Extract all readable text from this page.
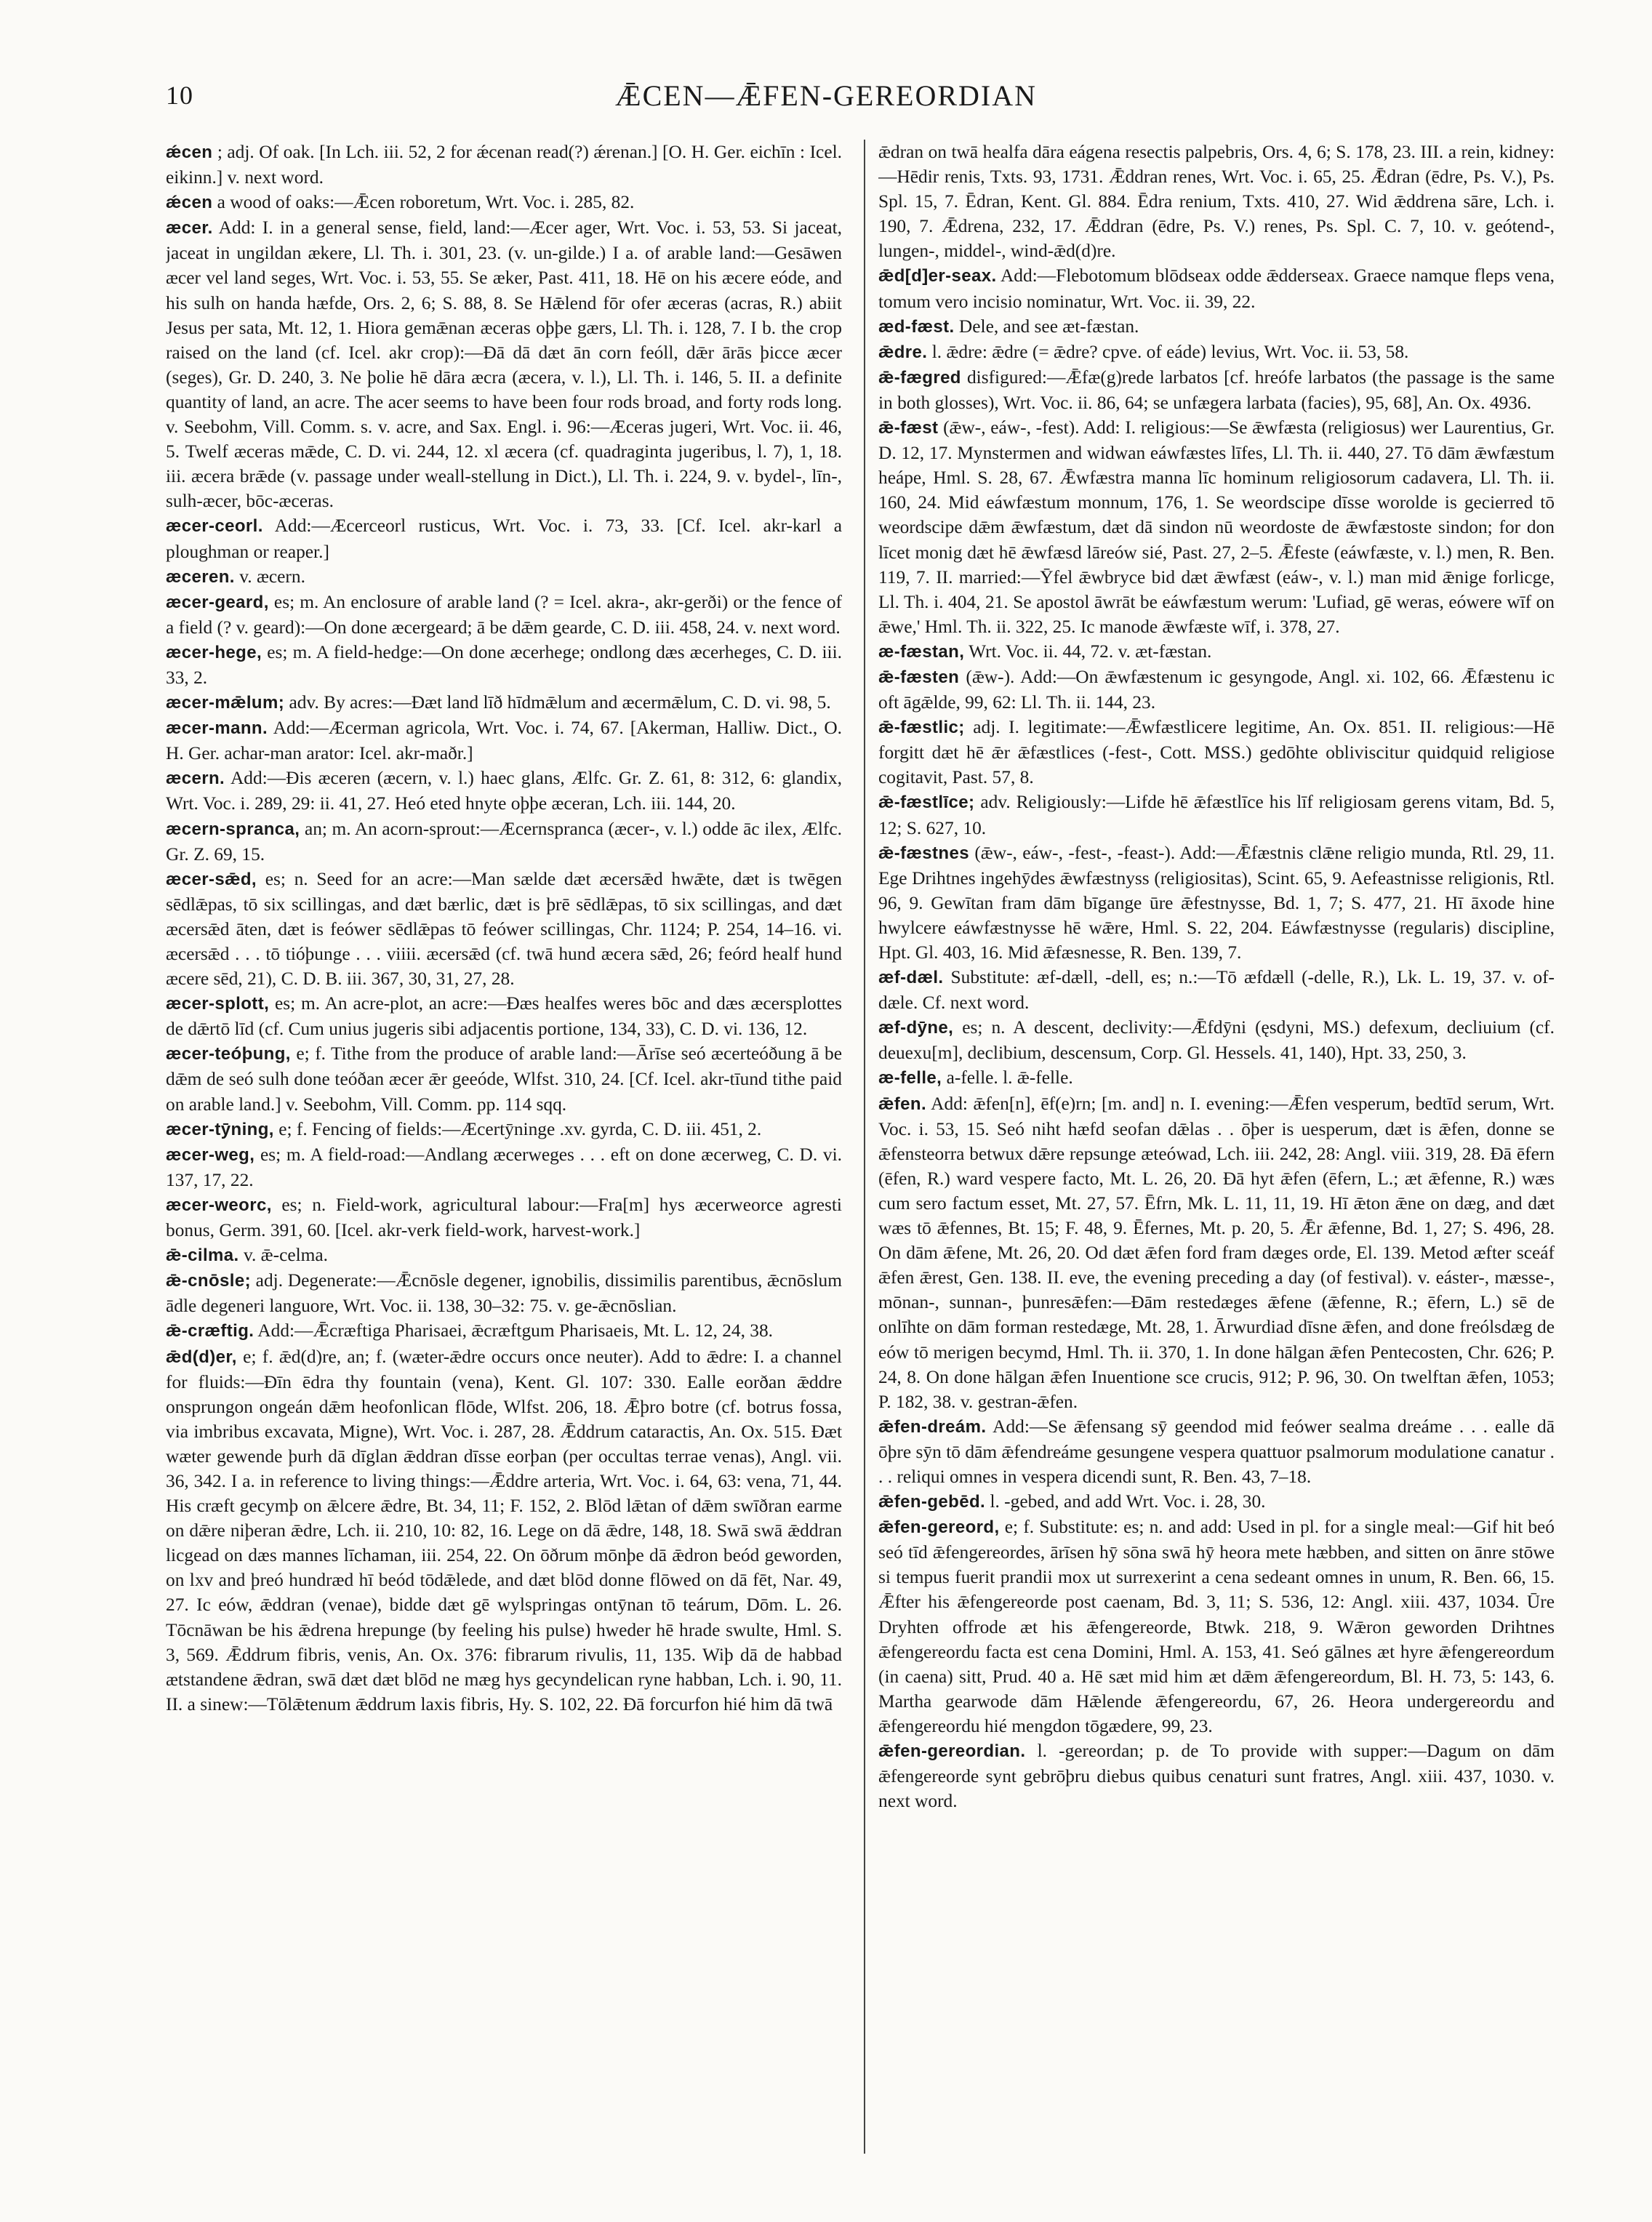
10	ǢCEN—ǢFEN-GEREORDIAN

ǽcen ; adj. Of oak. [In Lch. iii. 52, 2 for ǽcenan read(?) ǽrenan.] [O. H. Ger. eichīn : Icel. eikinn.] v. next word.

ǽcen a wood of oaks:—Ǣcen roboretum, Wrt. Voc. i. 285, 82.

æcer. Add: I. in a general sense, field, land:—Æcer ager, Wrt. Voc. i. 53, 53. Si jaceat, jaceat in ungildan ækere, Ll. Th. i. 301, 23. (v. un-gilde.) I a. of arable land:—Gesāwen æcer vel land seges, Wrt. Voc. i. 53, 55. Se æker, Past. 411, 18. Hē on his æcere eóde, and his sulh on handa hæfde, Ors. 2, 6; S. 88, 8. Se Hǣlend fōr ofer æceras (acras, R.) abiit Jesus per sata, Mt. 12, 1. Hiora gemǣnan æceras oþþe gærs, Ll. Th. i. 128, 7. I b. the crop raised on the land (cf. Icel. akr crop):—Ðā dā dæt ān corn feóll, dǣr ārās þicce æcer (seges), Gr. D. 240, 3. Ne þolie hē dāra æcra (æcera, v. l.), Ll. Th. i. 146, 5. II. a definite quantity of land, an acre. The acer seems to have been four rods broad, and forty rods long. v. Seebohm, Vill. Comm. s. v. acre, and Sax. Engl. i. 96:—Æceras jugeri, Wrt. Voc. ii. 46, 5. Twelf æceras mǣde, C. D. vi. 244, 12. xl æcera (cf. quadraginta jugeribus, l. 7), 1, 18. iii. æcera brǣde (v. passage under weall-stellung in Dict.), Ll. Th. i. 224, 9. v. bydel-, līn-, sulh-æcer, bōc-æceras.

æcer-ceorl. Add:—Æcerceorl rusticus, Wrt. Voc. i. 73, 33. [Cf. Icel. akr-karl a ploughman or reaper.]

æceren. v. æcern.

æcer-geard, es; m. An enclosure of arable land (? = Icel. akra-, akr-gerði) or the fence of a field (? v. geard):—On done æcergeard; ā be dǣm gearde, C. D. iii. 458, 24. v. next word.

æcer-hege, es; m. A field-hedge:—On done æcerhege; ondlong dæs æcerheges, C. D. iii. 33, 2.

æcer-mǣlum; adv. By acres:—Ðæt land līð hīdmǣlum and æcermǣlum, C. D. vi. 98, 5.

æcer-mann. Add:—Æcerman agricola, Wrt. Voc. i. 74, 67. [Akerman, Halliw. Dict., O. H. Ger. achar-man arator: Icel. akr-maðr.]

æcern. Add:—Ðis æceren (æcern, v. l.) haec glans, Ælfc. Gr. Z. 61, 8: 312, 6: glandix, Wrt. Voc. i. 289, 29: ii. 41, 27. Heó eted hnyte oþþe æceran, Lch. iii. 144, 20.

æcern-spranca, an; m. An acorn-sprout:—Æcernspranca (æcer-, v. l.) odde āc ilex, Ælfc. Gr. Z. 69, 15.

æcer-sǣd, es; n. Seed for an acre:—Man sælde dæt æcersǣd hwǣte, dæt is twēgen sēdlǣpas, tō six scillingas, and dæt bærlic, dæt is þrē sēdlǣpas, tō six scillingas, and dæt æcersǣd āten, dæt is feówer sēdlǣpas tō feówer scillingas, Chr. 1124; P. 254, 14–16. vi. æcersǣd . . . tō tióþunge . . . viiii. æcersǣd (cf. twā hund æcera sǣd, 26; feórd healf hund æcere sēd, 21), C. D. B. iii. 367, 30, 31, 27, 28.

æcer-splott, es; m. An acre-plot, an acre:—Ðæs healfes weres bōc and dæs æcersplottes de dǣrtō līd (cf. Cum unius jugeris sibi adjacentis portione, 134, 33), C. D. vi. 136, 12.

æcer-teóþung, e; f. Tithe from the produce of arable land:—Ārīse seó æcerteóðung ā be dǣm de seó sulh done teóðan æcer ǣr geeóde, Wlfst. 310, 24. [Cf. Icel. akr-tīund tithe paid on arable land.] v. Seebohm, Vill. Comm. pp. 114 sqq.

æcer-tȳning, e; f. Fencing of fields:—Æcertȳninge .xv. gyrda, C. D. iii. 451, 2.

æcer-weg, es; m. A field-road:—Andlang æcerweges . . . eft on done æcerweg, C. D. vi. 137, 17, 22.

æcer-weorc, es; n. Field-work, agricultural labour:—Fra[m] hys æcerweorce agresti bonus, Germ. 391, 60. [Icel. akr-verk field-work, harvest-work.]

ǣ-cilma. v. ǣ-celma.

ǣ-cnōsle; adj. Degenerate:—Ǣcnōsle degener, ignobilis, dissimilis parentibus, ǣcnōslum ādle degeneri languore, Wrt. Voc. ii. 138, 30–32: 75. v. ge-ǣcnōslian.

ǣ-cræftig. Add:—Ǣcræftiga Pharisaei, ǣcræftgum Pharisaeis, Mt. L. 12, 24, 38.

ǣd(d)er, e; f. ǣd(d)re, an; f. (wæter-ǣdre occurs once neuter). Add to ǣdre: I. a channel for fluids:—Ðīn ēdra thy fountain (vena), Kent. Gl. 107: 330. Ealle eorðan ǣddre onsprungon ongeán dǣm heofonlican flōde, Wlfst. 206, 18. Ǣþro botre (cf. botrus fossa, via imbribus excavata, Migne), Wrt. Voc. i. 287, 28. Ǣddrum cataractis, An. Ox. 515. Ðæt wæter gewende þurh dā dīglan ǣddran dīsse eorþan (per occultas terrae venas), Angl. vii. 36, 342. I a. in reference to living things:—Ǣddre arteria, Wrt. Voc. i. 64, 63: vena, 71, 44. His cræft gecymþ on ǣlcere ǣdre, Bt. 34, 11; F. 152, 2. Blōd lǣtan of dǣm swīðran earme on dǣre niþeran ǣdre, Lch. ii. 210, 10: 82, 16. Lege on dā ǣdre, 148, 18. Swā swā ǣddran licgead on dæs mannes līchaman, iii. 254, 22. On ōðrum mōnþe dā ǣdron beód geworden, on lxv and þreó hundræd hī beód tōdǣlede, and dæt blōd donne flōwed on dā fēt, Nar. 49, 27. Ic eów, ǣddran (venae), bidde dæt gē wylspringas ontȳnan tō teárum, Dōm. L. 26. Tōcnāwan be his ǣdrena hrepunge (by feeling his pulse) hweder hē hrade swulte, Hml. S. 3, 569. Ǣddrum fibris, venis, An. Ox. 376: fibrarum rivulis, 11, 135. Wiþ dā de habbad ætstandene ǣdran, swā dæt dæt blōd ne mæg hys gecyndelican ryne habban, Lch. i. 90, 11. II. a sinew:—Tōlǣtenum ǣddrum laxis fibris, Hy. S. 102, 22. Ðā forcurfon hié him dā twā

ǣdran on twā healfa dāra eágena resectis palpebris, Ors. 4, 6; S. 178, 23. III. a rein, kidney:—Hēdir renis, Txts. 93, 1731. Ǣddran renes, Wrt. Voc. i. 65, 25. Ǣdran (ēdre, Ps. V.), Ps. Spl. 15, 7. Ēdran, Kent. Gl. 884. Ēdra renium, Txts. 410, 27. Wid ǣddrena sāre, Lch. i. 190, 7. Ǣdrena, 232, 17. Ǣddran (ēdre, Ps. V.) renes, Ps. Spl. C. 7, 10. v. geótend-, lungen-, middel-, wind-ǣd(d)re.

ǣd[d]er-seax. Add:—Flebotomum blōdseax odde ǣdderseax. Graece namque fleps vena, tomum vero incisio nominatur, Wrt. Voc. ii. 39, 22.

æd-fæst. Dele, and see æt-fæstan.

ǣdre. l. ǣdre: ǣdre (= ǣdre? cpve. of eáde) levius, Wrt. Voc. ii. 53, 58.

ǣ-fægred disfigured:—Ǣfæ(g)rede larbatos [cf. hreófe larbatos (the passage is the same in both glosses), Wrt. Voc. ii. 86, 64; se unfægera larbata (facies), 95, 68], An. Ox. 4936.

ǣ-fæst (ǣw-, eáw-, -fest). Add: I. religious:—Se ǣwfæsta (religiosus) wer Laurentius, Gr. D. 12, 17. Mynstermen and widwan eáwfæstes līfes, Ll. Th. ii. 440, 27. Tō dām ǣwfæstum heápe, Hml. S. 28, 67. Ǣwfæstra manna līc hominum religiosorum cadavera, Ll. Th. ii. 160, 24. Mid eáwfæstum monnum, 176, 1. Se weordscipe dīsse worolde is gecierred tō weordscipe dǣm ǣwfæstum, dæt dā sindon nū weordoste de ǣwfæstoste sindon; for don līcet monig dæt hē ǣwfæsd lāreów sié, Past. 27, 2–5. Ǣfeste (eáwfæste, v. l.) men, R. Ben. 119, 7. II. married:—Ȳfel ǣwbryce bid dæt ǣwfæst (eáw-, v. l.) man mid ǣnige forlicge, Ll. Th. i. 404, 21. Se apostol āwrāt be eáwfæstum werum: 'Lufiad, gē weras, eówere wīf on ǣwe,' Hml. Th. ii. 322, 25. Ic manode ǣwfæste wīf, i. 378, 27.

æ-fæstan, Wrt. Voc. ii. 44, 72. v. æt-fæstan.

ǣ-fæsten (ǣw-). Add:—On ǣwfæstenum ic gesyngode, Angl. xi. 102, 66. Ǣfæstenu ic oft āgǣlde, 99, 62: Ll. Th. ii. 144, 23.

ǣ-fæstlic; adj. I. legitimate:—Ǣwfæstlicere legitime, An. Ox. 851. II. religious:—Hē forgitt dæt hē ǣr ǣfæstlices (-fest-, Cott. MSS.) gedōhte obliviscitur quidquid religiose cogitavit, Past. 57, 8.

ǣ-fæstlīce; adv. Religiously:—Lifde hē ǣfæstlīce his līf religiosam gerens vitam, Bd. 5, 12; S. 627, 10.

ǣ-fæstnes (ǣw-, eáw-, -fest-, -feast-). Add:—Ǣfæstnis clǣne religio munda, Rtl. 29, 11. Ege Drihtnes ingehȳdes ǣwfæstnyss (religiositas), Scint. 65, 9. Aefeastnisse religionis, Rtl. 96, 9. Gewītan fram dām bīgange ūre ǣfestnysse, Bd. 1, 7; S. 477, 21. Hī āxode hine hwylcere eáwfæstnysse hē wǣre, Hml. S. 22, 204. Eáwfæstnysse (regularis) discipline, Hpt. Gl. 403, 16. Mid ǣfæsnesse, R. Ben. 139, 7.

æf-dæl. Substitute: æf-dæll, -dell, es; n.:—Tō æfdæll (-delle, R.), Lk. L. 19, 37. v. of-dæle. Cf. next word.

æf-dȳne, es; n. A descent, declivity:—Ǣfdȳni (ęsdyni, MS.) defexum, decliuium (cf. deuexu[m], declibium, descensum, Corp. Gl. Hessels. 41, 140), Hpt. 33, 250, 3.

æ-felle, a-felle. l. ǣ-felle.

ǣfen. Add: ǣfen[n], ēf(e)rn; [m. and] n. I. evening:—Ǣfen vesperum, bedtīd serum, Wrt. Voc. i. 53, 15. Seó niht hæfd seofan dǣlas . . ōþer is uesperum, dæt is ǣfen, donne se ǣfensteorra betwux dǣre repsunge æteówad, Lch. iii. 242, 28: Angl. viii. 319, 28. Ðā ēfern (ēfen, R.) ward vespere facto, Mt. L. 26, 20. Ðā hyt ǣfen (ēfern, L.; æt ǣfenne, R.) wæs cum sero factum esset, Mt. 27, 57. Ēfrn, Mk. L. 11, 11, 19. Hī ǣton ǣne on dæg, and dæt wæs tō ǣfennes, Bt. 15; F. 48, 9. Ēfernes, Mt. p. 20, 5. Ǣr ǣfenne, Bd. 1, 27; S. 496, 28. On dām ǣfene, Mt. 26, 20. Od dæt ǣfen ford fram dæges orde, El. 139. Metod æfter sceáf ǣfen ǣrest, Gen. 138. II. eve, the evening preceding a day (of festival). v. eáster-, mæsse-, mōnan-, sunnan-, þunresǣfen:—Ðām restedæges ǣfene (ǣfenne, R.; ēfern, L.) sē de onlīhte on dām forman restedæge, Mt. 28, 1. Ārwurdiad dīsne ǣfen, and done freólsdæg de eów tō merigen becymd, Hml. Th. ii. 370, 1. In done hālgan ǣfen Pentecosten, Chr. 626; P. 24, 8. On done hālgan ǣfen Inuentione sce crucis, 912; P. 96, 30. On twelftan ǣfen, 1053; P. 182, 38. v. gestran-ǣfen.

ǣfen-dreám. Add:—Se ǣfensang sȳ geendod mid feówer sealma dreáme . . . ealle dā ōþre sȳn tō dām ǣfendreáme gesungene vespera quattuor psalmorum modulatione canatur . . . reliqui omnes in vespera dicendi sunt, R. Ben. 43, 7–18.

ǣfen-gebēd. l. -gebed, and add Wrt. Voc. i. 28, 30.

ǣfen-gereord, e; f. Substitute: es; n. and add: Used in pl. for a single meal:—Gif hit beó seó tīd ǣfengereordes, ārīsen hȳ sōna swā hȳ heora mete hæbben, and sitten on ānre stōwe si tempus fuerit prandii mox ut surrexerint a cena sedeant omnes in unum, R. Ben. 66, 15. Ǣfter his ǣfengereorde post caenam, Bd. 3, 11; S. 536, 12: Angl. xiii. 437, 1034. Ūre Dryhten offrode æt his ǣfengereorde, Btwk. 218, 9. Wǣron geworden Drihtnes ǣfengereordu facta est cena Domini, Hml. A. 153, 41. Seó gālnes æt hyre ǣfengereordum (in caena) sitt, Prud. 40 a. Hē sæt mid him æt dǣm ǣfengereordum, Bl. H. 73, 5: 143, 6. Martha gearwode dām Hǣlende ǣfengereordu, 67, 26. Heora undergereordu and ǣfengereordu hié mengdon tōgædere, 99, 23.

ǣfen-gereordian. l. -gereordan; p. de To provide with supper:—Dagum on dām ǣfengereorde synt gebrōþru diebus quibus cenaturi sunt fratres, Angl. xiii. 437, 1030. v. next word.
